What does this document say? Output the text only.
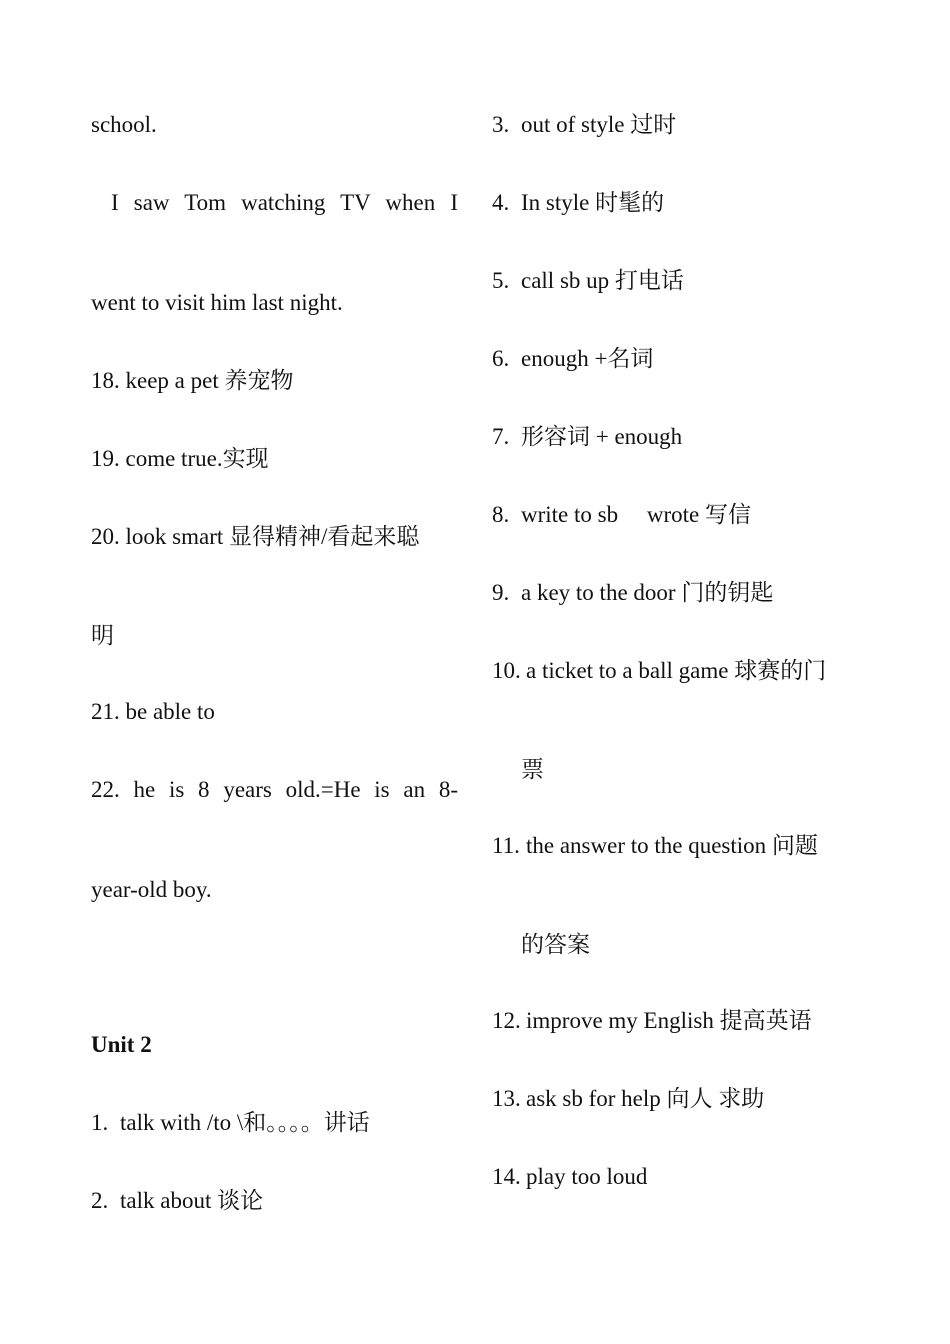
school.
I saw Tom watching TV when I
went to visit him last night.
18. keep a pet 养宠物
19. come true.实现
20. look smart 显得精神/看起来聪
明
21. be able to
22. he is 8 years old.=He is an 8-
year-old boy.
Unit 2
1. talk with /to \和。。。。讲话
2. talk about 谈论
3. out of style 过时
4. In style 时髦的
5. call sb up 打电话
6. enough +名词
7. 形容词 + enough
8. write to sb     wrote 写信
9. a key to the door 门的钥匙
10. a ticket to a ball game 球赛的门
票
11. the answer to the question 问题
的答案
12. improve my English 提高英语
13. ask sb for help 向人 求助
14. play too loud
